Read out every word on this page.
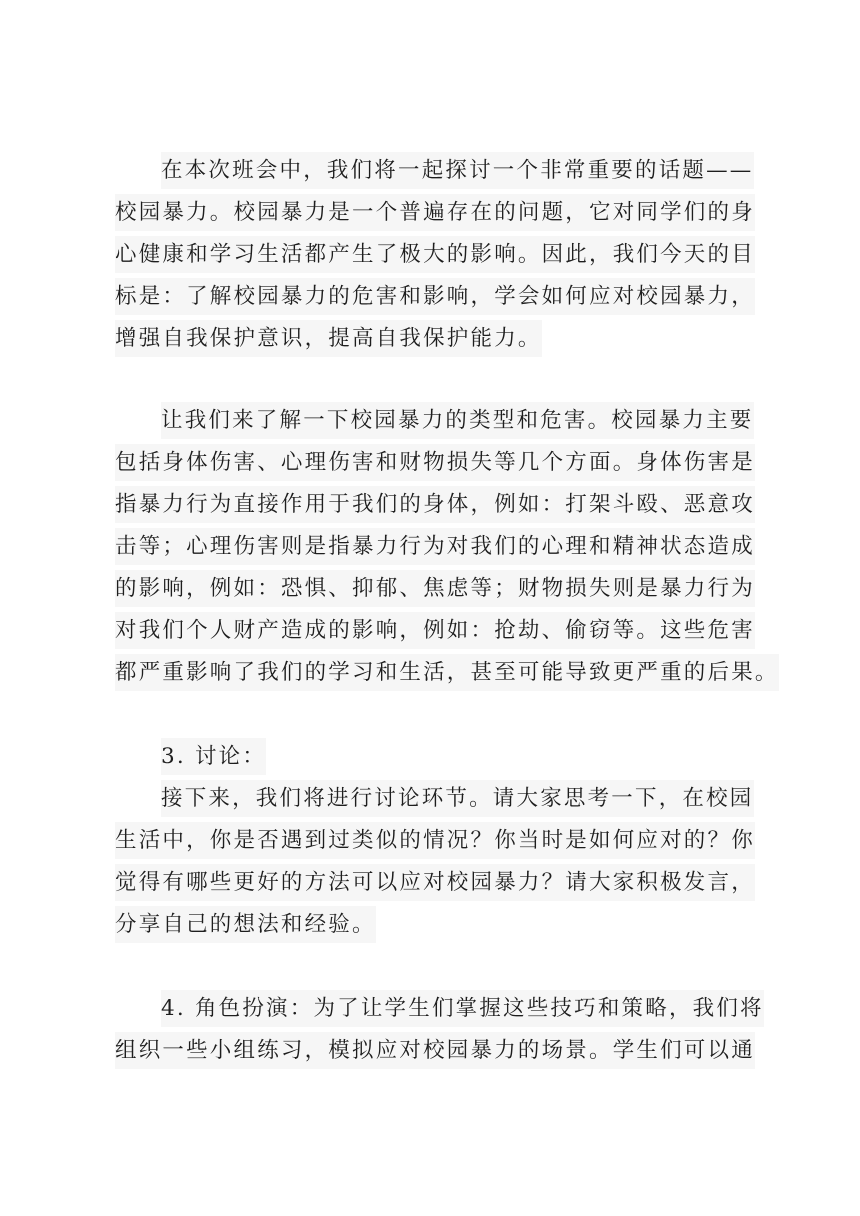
在本次班会中，我们将一起探讨一个非常重要的话题——
校园暴力。校园暴力是一个普遍存在的问题，它对同学们的身
心健康和学习生活都产生了极大的影响。因此，我们今天的目
标是：了解校园暴力的危害和影响，学会如何应对校园暴力，
增强自我保护意识，提高自我保护能力。
让我们来了解一下校园暴力的类型和危害。校园暴力主要
包括身体伤害、心理伤害和财物损失等几个方面。身体伤害是
指暴力行为直接作用于我们的身体，例如：打架斗殴、恶意攻
击等；心理伤害则是指暴力行为对我们的心理和精神状态造成
的影响，例如：恐惧、抑郁、焦虑等；财物损失则是暴力行为
对我们个人财产造成的影响，例如：抢劫、偷窃等。这些危害
都严重影响了我们的学习和生活，甚至可能导致更严重的后果。
3. 讨论：
接下来，我们将进行讨论环节。请大家思考一下，在校园
生活中，你是否遇到过类似的情况？你当时是如何应对的？你
觉得有哪些更好的方法可以应对校园暴力？请大家积极发言，
分享自己的想法和经验。
4. 角色扮演：为了让学生们掌握这些技巧和策略，我们将
组织一些小组练习，模拟应对校园暴力的场景。学生们可以通
